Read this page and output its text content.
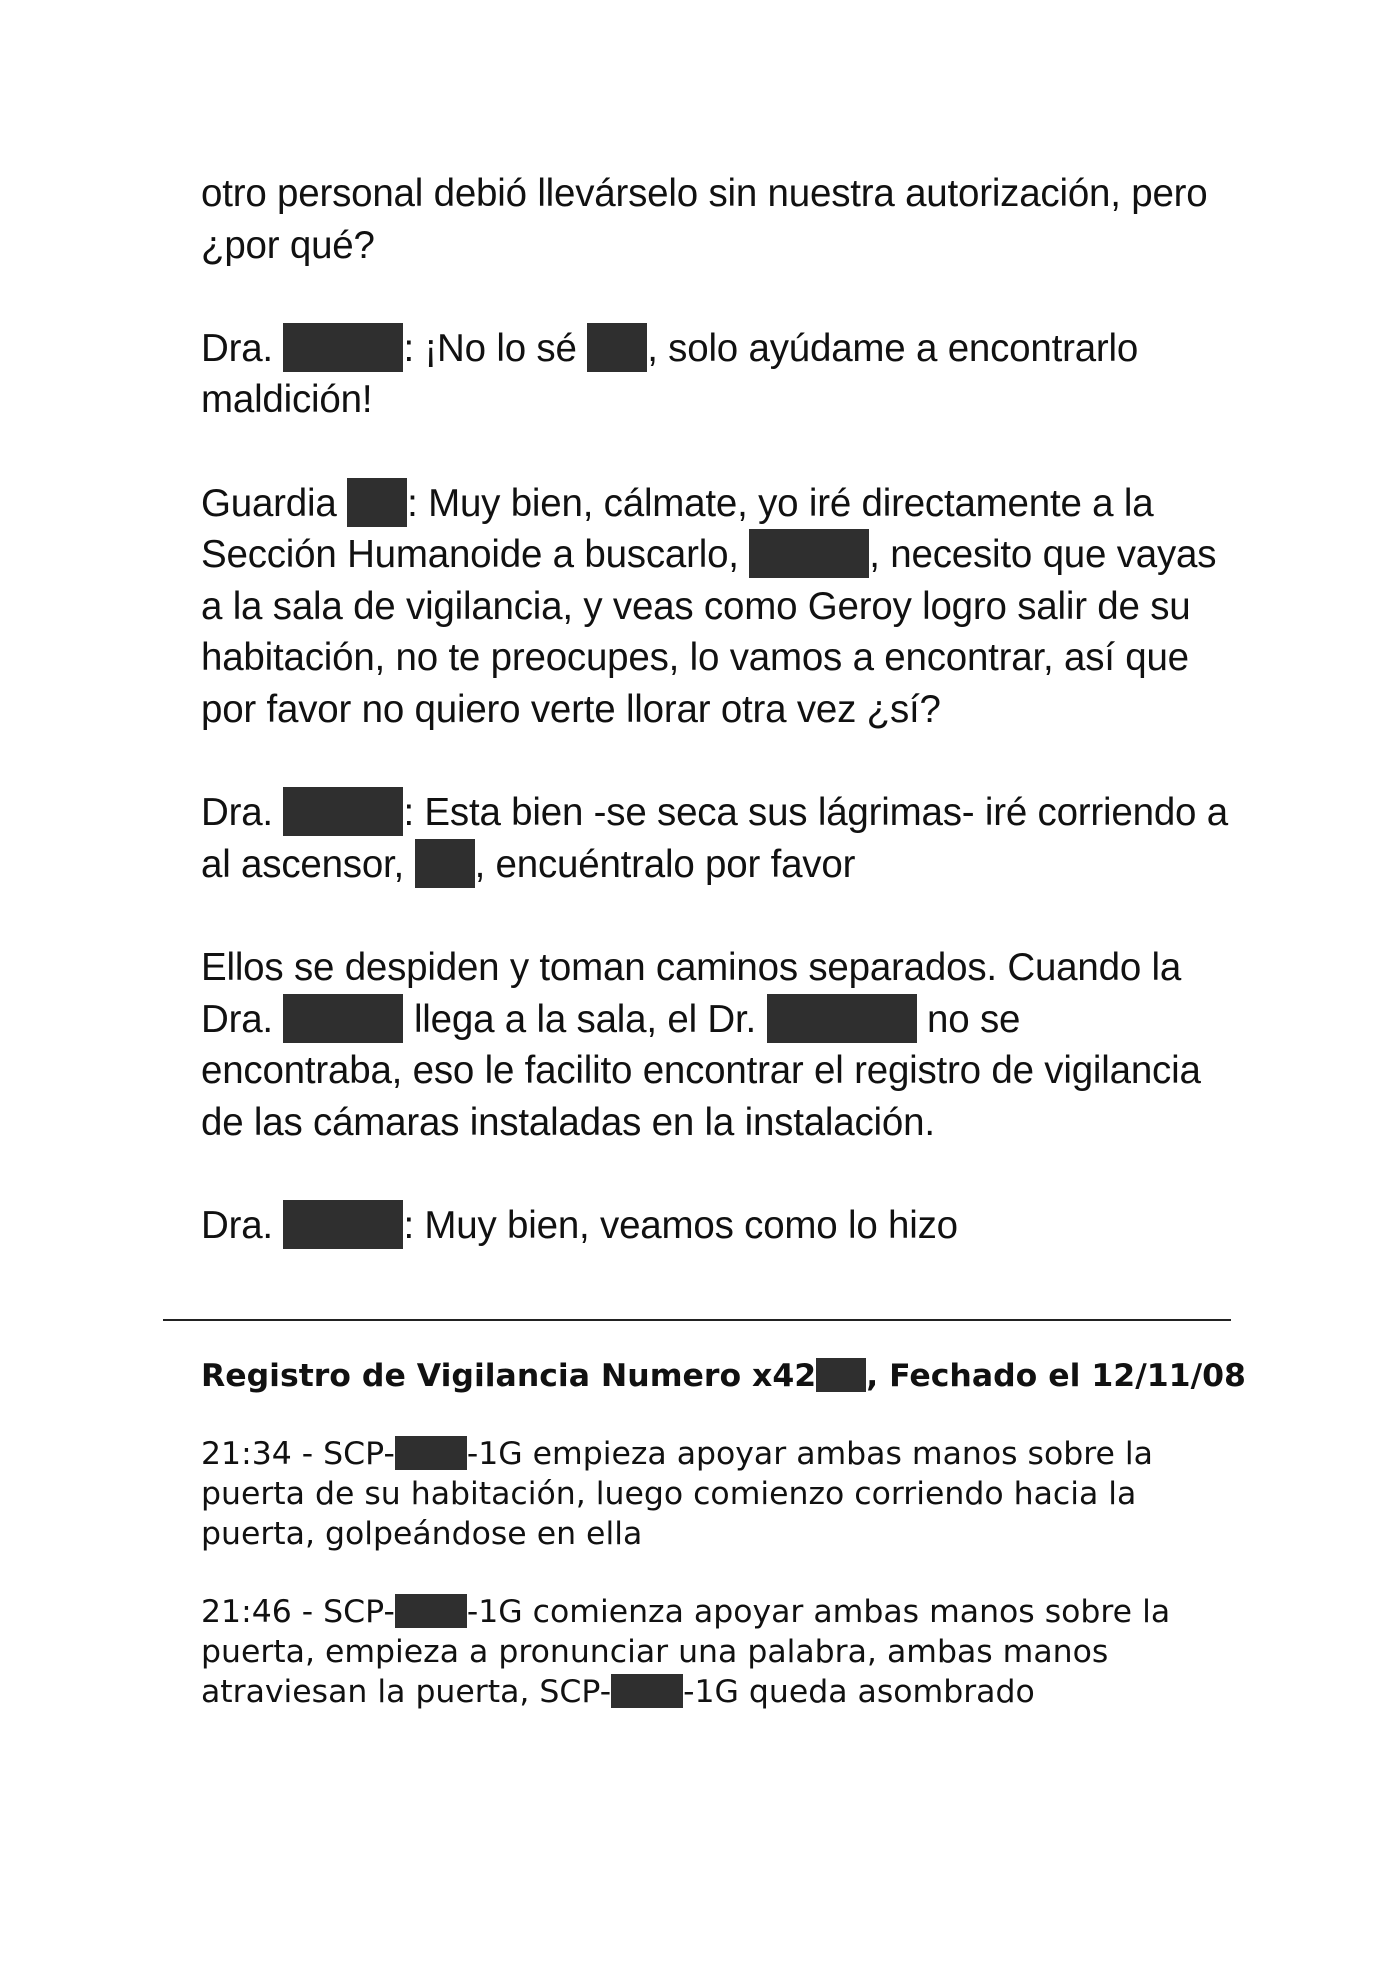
otro personal debió llevárselo sin nuestra autorización, pero ¿por qué?

Dra.	: ¡No lo sé , solo ayúdame a encontrarlo maldición!

Guardia : Muy bien, cálmate, yo iré directamente a la Sección Humanoide a buscarlo,	, necesito que vayas a la sala de vigilancia, y veas como Geroy logro salir de su habitación, no te preocupes, lo vamos a encontrar, así que por favor no quiero verte llorar otra vez ¿sí?

Dra.	: Esta bien -se seca sus lágrimas- iré corriendo a al ascensor, , encuéntralo por favor

Ellos se despiden y toman caminos separados. Cuando la Dra.	llega a la sala, el Dr.	no se encontraba, eso le facilito encontrar el registro de vigilancia de las cámaras instaladas en la instalación.

Dra.	: Muy bien, veamos como lo hizo

Registro de Vigilancia Numero x42 , Fechado el 12/11/08

21:34 - SCP- -1G empieza apoyar ambas manos sobre la puerta de su habitación, luego comienzo corriendo hacia la puerta, golpeándose en ella

21:46 - SCP- -1G comienza apoyar ambas manos sobre la puerta, empieza a pronunciar una palabra, ambas manos atraviesan la puerta, SCP- -1G queda asombrado
